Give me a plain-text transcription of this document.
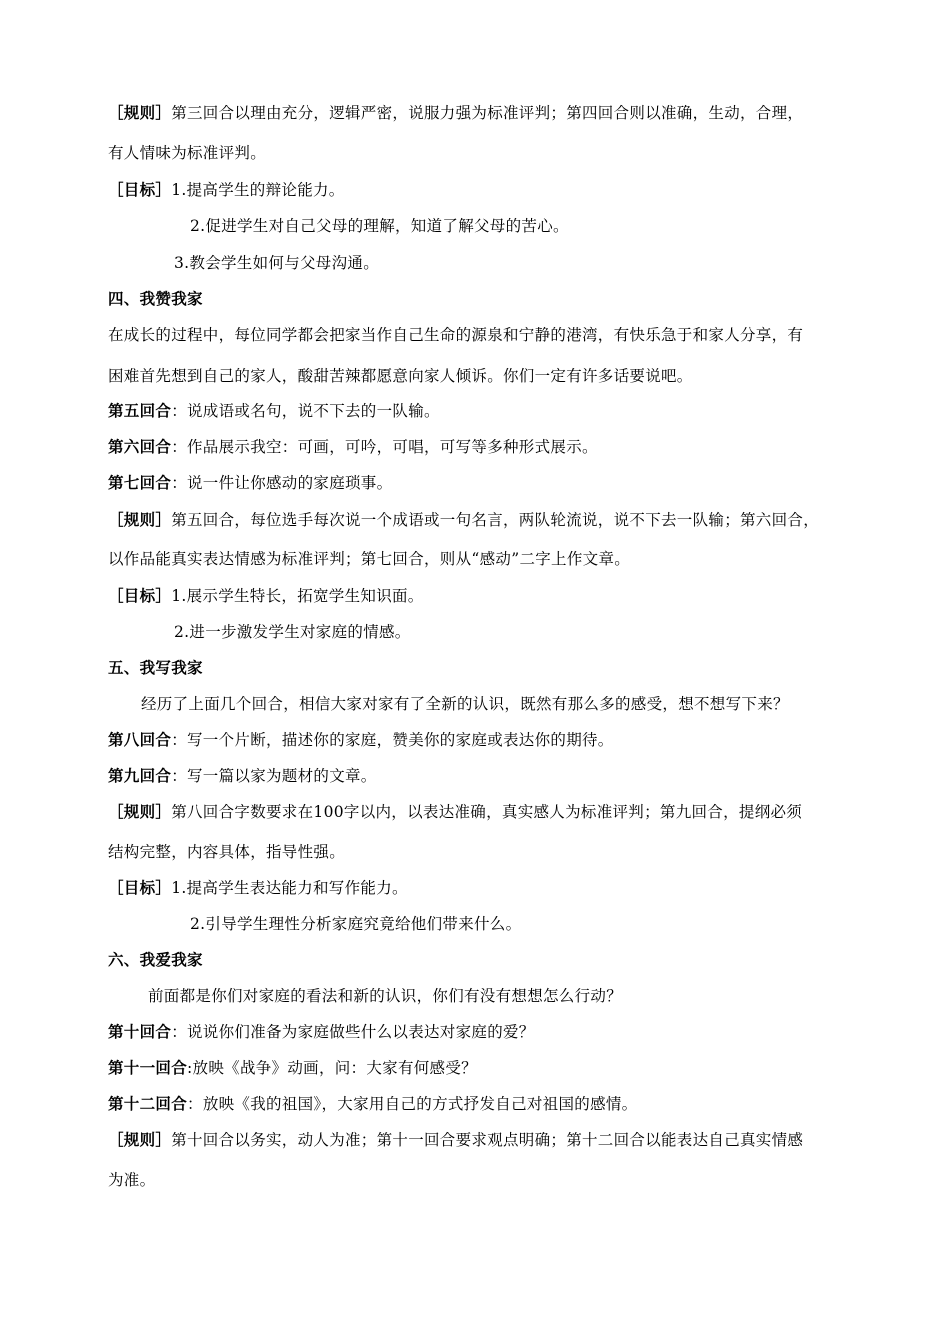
［规则］第三回合以理由充分，逻辑严密，说服力强为标准评判；第四回合则以准确，生动，合理，
有人情味为标准评判。
［目标］1.提高学生的辩论能力。
2.促进学生对自己父母的理解，知道了解父母的苦心。
3.教会学生如何与父母沟通。
四、我赞我家
在成长的过程中，每位同学都会把家当作自己生命的源泉和宁静的港湾，有快乐急于和家人分享，有
困难首先想到自己的家人，酸甜苦辣都愿意向家人倾诉。你们一定有许多话要说吧。
第五回合：说成语或名句，说不下去的一队输。
第六回合：作品展示我空：可画，可吟，可唱，可写等多种形式展示。
第七回合：说一件让你感动的家庭琐事。
［规则］第五回合，每位选手每次说一个成语或一句名言，两队轮流说，说不下去一队输；第六回合，
以作品能真实表达情感为标准评判；第七回合，则从“感动”二字上作文章。
［目标］1.展示学生特长，拓宽学生知识面。
2.进一步激发学生对家庭的情感。
五、我写我家
经历了上面几个回合，相信大家对家有了全新的认识，既然有那么多的感受，想不想写下来？
第八回合：写一个片断，描述你的家庭，赞美你的家庭或表达你的期待。
第九回合：写一篇以家为题材的文章。
［规则］第八回合字数要求在100字以内，以表达准确，真实感人为标准评判；第九回合，提纲必须
结构完整，内容具体，指导性强。
［目标］1.提高学生表达能力和写作能力。
2.引导学生理性分析家庭究竟给他们带来什么。
六、我爱我家
前面都是你们对家庭的看法和新的认识，你们有没有想想怎么行动？
第十回合：说说你们准备为家庭做些什么以表达对家庭的爱？
第十一回合:放映《战争》动画，问：大家有何感受？
第十二回合：放映《我的祖国》，大家用自己的方式抒发自己对祖国的感情。
［规则］第十回合以务实，动人为准；第十一回合要求观点明确；第十二回合以能表达自己真实情感
为准。
